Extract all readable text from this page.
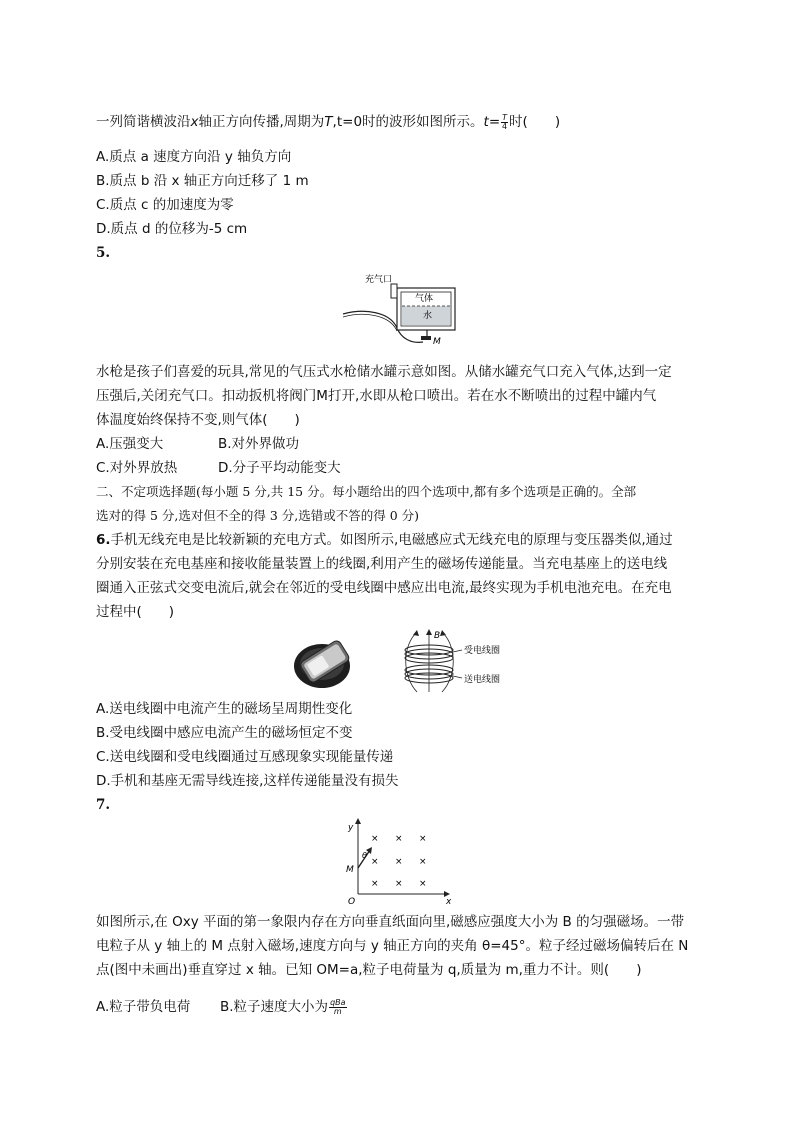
一列简谐横波沿x轴正方向传播,周期为T,t=0时的波形如图所示。$t= \frac{T}{4}$ 时(　　)
A.质点 a 速度方向沿 y 轴负方向
B.质点 b 沿 x 轴正方向迁移了 1 m
C.质点 c 的加速度为零
D.质点 d 的位移为-5 cm
5.
充气口
气体
水
M
水枪是孩子们喜爱的玩具,常见的气压式水枪储水罐示意如图。从储水罐充气口充入气体,达到一定
压强后,关闭充气口。扣动扳机将阀门M打开,水即从枪口喷出。若在水不断喷出的过程中罐内气
体温度始终保持不变,则气体(　　)
A.压强变大	B.对外界做功
C.对外界放热	D.分子平均动能变大
二、不定项选择题(每小题 5 分,共 15 分。每小题给出的四个选项中,都有多个选项是正确的。全部
选对的得 5 分,选对但不全的得 3 分,选错或不答的得 0 分)
6.手机无线充电是比较新颖的充电方式。如图所示,电磁感应式无线充电的原理与变压器类似,通过
分别安装在充电基座和接收能量装置上的线圈,利用产生的磁场传递能量。当充电基座上的送电线
圈通入正弦式交变电流后,就会在邻近的受电线圈中感应出电流,最终实现为手机电池充电。在充电
过程中(　　)
B
受电线圈
送电线圈
A.送电线圈中电流产生的磁场呈周期性变化
B.受电线圈中感应电流产生的磁场恒定不变
C.送电线圈和受电线圈通过互感现象实现能量传递
D.手机和基座无需导线连接,这样传递能量没有损失
7.
y
x
O
M
θ
× × ×
× × ×
× × ×
如图所示,在 Oxy 平面的第一象限内存在方向垂直纸面向里,磁感应强度大小为 B 的匀强磁场。一带
电粒子从 y 轴上的 M 点射入磁场,速度方向与 y 轴正方向的夹角 θ=45°。粒子经过磁场偏转后在 N
点(图中未画出)垂直穿过 x 轴。已知 OM=a,粒子电荷量为 q,质量为 m,重力不计。则(　　)
A.粒子带负电荷 B.粒子速度大小为 $\frac{\text{qBa}}{m}$
